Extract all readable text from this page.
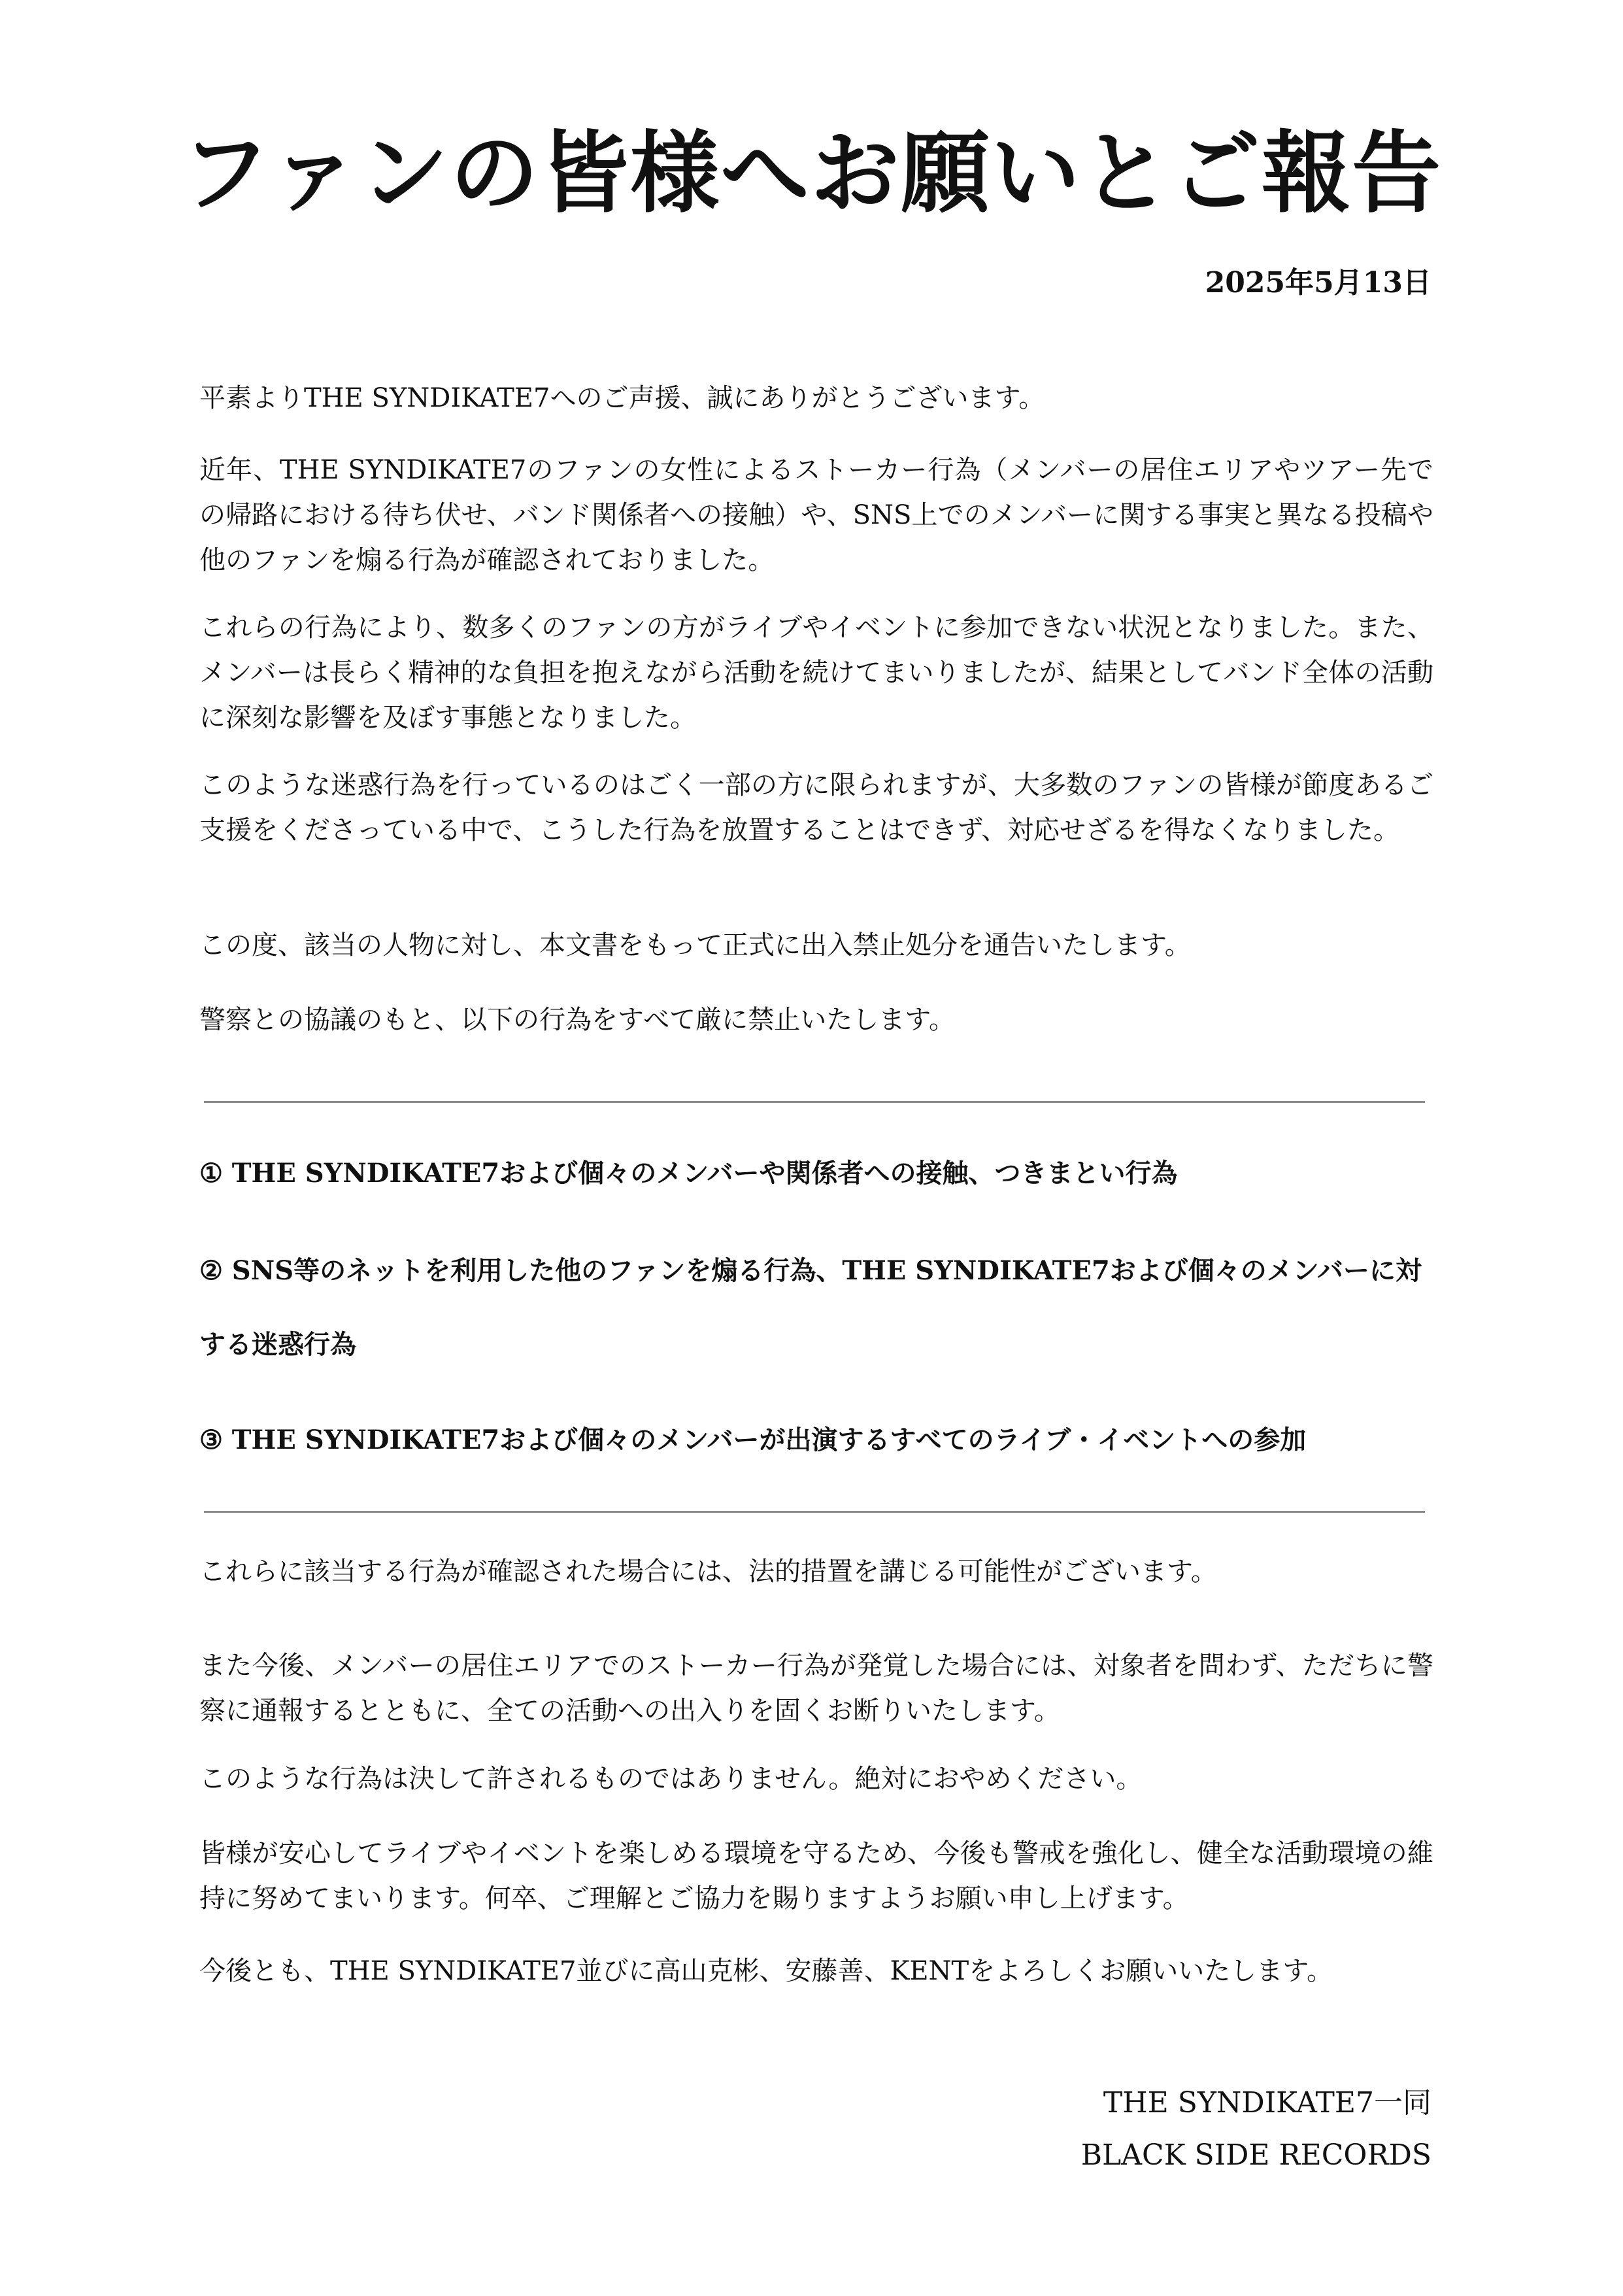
ファンの皆様へお願いとご報告
2025年5月13日
平素よりTHE SYNDIKATE7へのご声援、誠にありがとうございます。
近年、THE SYNDIKATE7のファンの女性によるストーカー行為（メンバーの居住エリアやツアー先での帰路における待ち伏せ、バンド関係者への接触）や、SNS上でのメンバーに関する事実と異なる投稿や他のファンを煽る行為が確認されておりました。
これらの行為により、数多くのファンの方がライブやイベントに参加できない状況となりました。また、メンバーは長らく精神的な負担を抱えながら活動を続けてまいりましたが、結果としてバンド全体の活動に深刻な影響を及ぼす事態となりました。
このような迷惑行為を行っているのはごく一部の方に限られますが、大多数のファンの皆様が節度あるご支援をくださっている中で、こうした行為を放置することはできず、対応せざるを得なくなりました。
この度、該当の人物に対し、本文書をもって正式に出入禁止処分を通告いたします。
警察との協議のもと、以下の行為をすべて厳に禁止いたします。
① THE SYNDIKATE7および個々のメンバーや関係者への接触、つきまとい行為
② SNS等のネットを利用した他のファンを煽る行為、THE SYNDIKATE7および個々のメンバーに対する迷惑行為
③ THE SYNDIKATE7および個々のメンバーが出演するすべてのライブ・イベントへの参加
これらに該当する行為が確認された場合には、法的措置を講じる可能性がございます。
また今後、メンバーの居住エリアでのストーカー行為が発覚した場合には、対象者を問わず、ただちに警察に通報するとともに、全ての活動への出入りを固くお断りいたします。
このような行為は決して許されるものではありません。絶対におやめください。
皆様が安心してライブやイベントを楽しめる環境を守るため、今後も警戒を強化し、健全な活動環境の維持に努めてまいります。何卒、ご理解とご協力を賜りますようお願い申し上げます。
今後とも、THE SYNDIKATE7並びに高山克彬、安藤善、KENTをよろしくお願いいたします。
THE SYNDIKATE7一同
BLACK SIDE RECORDS
